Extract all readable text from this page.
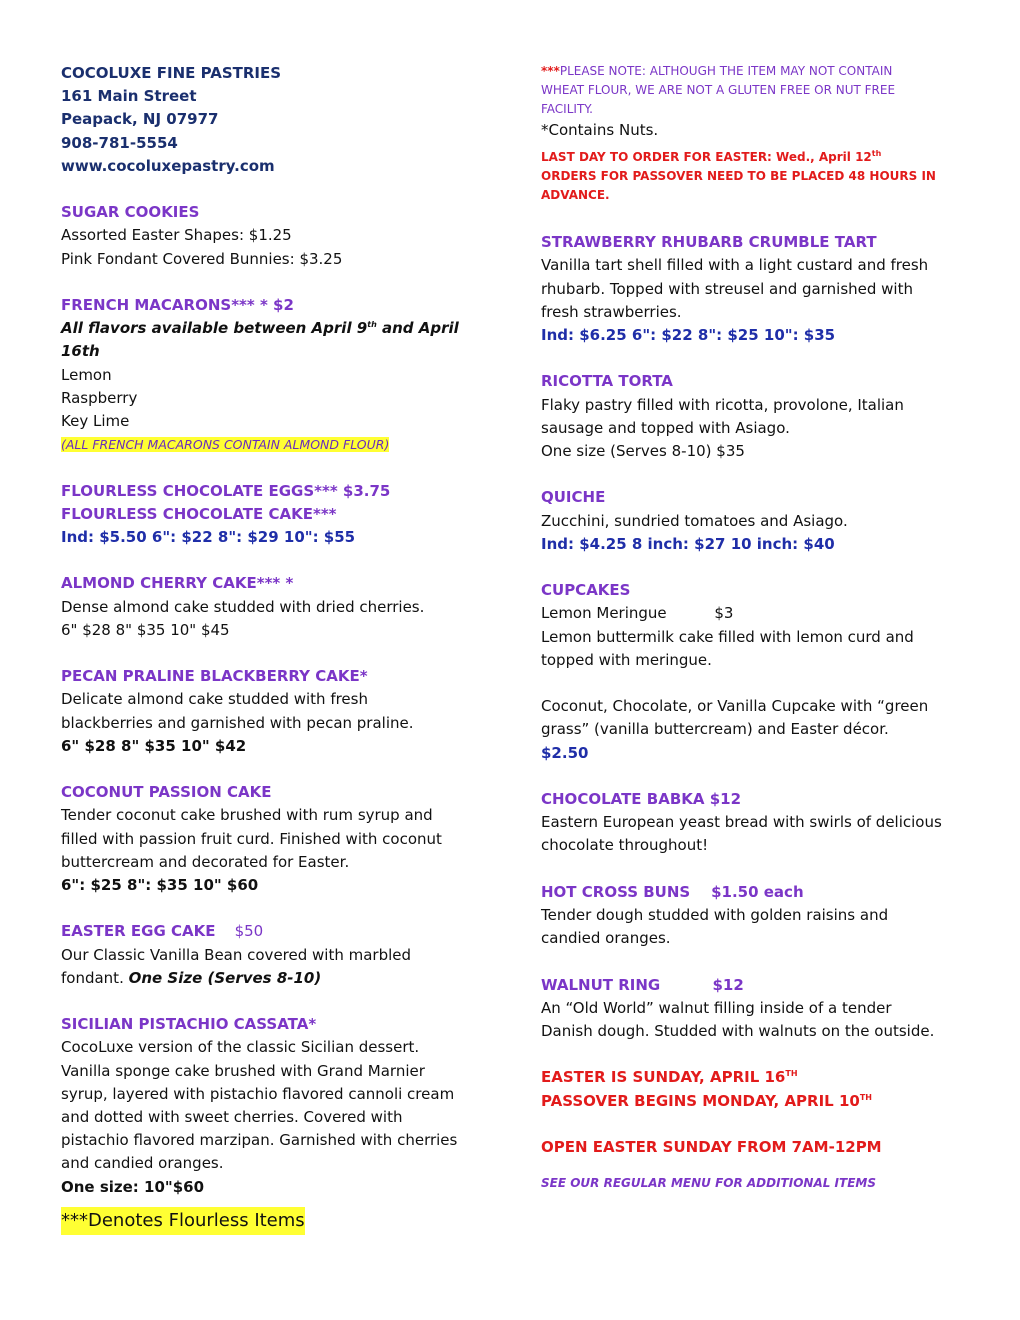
COCOLUXE FINE PASTRIES
161 Main Street
Peapack, NJ 07977
908-781-5554
www.cocoluxepastry.com
SUGAR COOKIES
Assorted Easter Shapes: $1.25
Pink Fondant Covered Bunnies: $3.25
FRENCH MACARONS*** * $2
All flavors available between April 9th and April
16th
Lemon
Raspberry
Key Lime
(ALL FRENCH MACARONS CONTAIN ALMOND FLOUR)
FLOURLESS CHOCOLATE EGGS*** $3.75
FLOURLESS CHOCOLATE CAKE***
Ind: $5.50 6": $22 8": $29 10": $55
ALMOND CHERRY CAKE*** *
Dense almond cake studded with dried cherries.
6" $28 8" $35 10" $45
PECAN PRALINE BLACKBERRY CAKE*
Delicate almond cake studded with fresh
blackberries and garnished with pecan praline.
6" $28 8" $35 10" $42
COCONUT PASSION CAKE
Tender coconut cake brushed with rum syrup and
filled with passion fruit curd. Finished with coconut
buttercream and decorated for Easter.
6": $25 8": $35 10" $60
EASTER EGG CAKE    $50
Our Classic Vanilla Bean covered with marbled
fondant. One Size (Serves 8-10)
SICILIAN PISTACHIO CASSATA*
CocoLuxe version of the classic Sicilian dessert.
Vanilla sponge cake brushed with Grand Marnier
syrup, layered with pistachio flavored cannoli cream
and dotted with sweet cherries. Covered with
pistachio flavored marzipan. Garnished with cherries
and candied oranges.
One size: 10"$60
***Denotes Flourless Items
***PLEASE NOTE: ALTHOUGH THE ITEM MAY NOT CONTAIN
WHEAT FLOUR, WE ARE NOT A GLUTEN FREE OR NUT FREE
FACILITY.
*Contains Nuts.
LAST DAY TO ORDER FOR EASTER: Wed., April 12th
ORDERS FOR PASSOVER NEED TO BE PLACED 48 HOURS IN
ADVANCE.
STRAWBERRY RHUBARB CRUMBLE TART
Vanilla tart shell filled with a light custard and fresh
rhubarb. Topped with streusel and garnished with
fresh strawberries.
Ind: $6.25 6": $22 8": $25 10": $35
RICOTTA TORTA
Flaky pastry filled with ricotta, provolone, Italian
sausage and topped with Asiago.
One size (Serves 8-10) $35
QUICHE
Zucchini, sundried tomatoes and Asiago.
Ind: $4.25 8 inch: $27 10 inch: $40
CUPCAKES
Lemon Meringue          $3
Lemon buttermilk cake filled with lemon curd and
topped with meringue.
Coconut, Chocolate, or Vanilla Cupcake with “green
grass” (vanilla buttercream) and Easter décor.
$2.50
CHOCOLATE BABKA $12
Eastern European yeast bread with swirls of delicious
chocolate throughout!
HOT CROSS BUNS    $1.50 each
Tender dough studded with golden raisins and
candied oranges.
WALNUT RING          $12
An “Old World” walnut filling inside of a tender
Danish dough. Studded with walnuts on the outside.
EASTER IS SUNDAY, APRIL 16TH
PASSOVER BEGINS MONDAY, APRIL 10TH
OPEN EASTER SUNDAY FROM 7AM-12PM
SEE OUR REGULAR MENU FOR ADDITIONAL ITEMS
